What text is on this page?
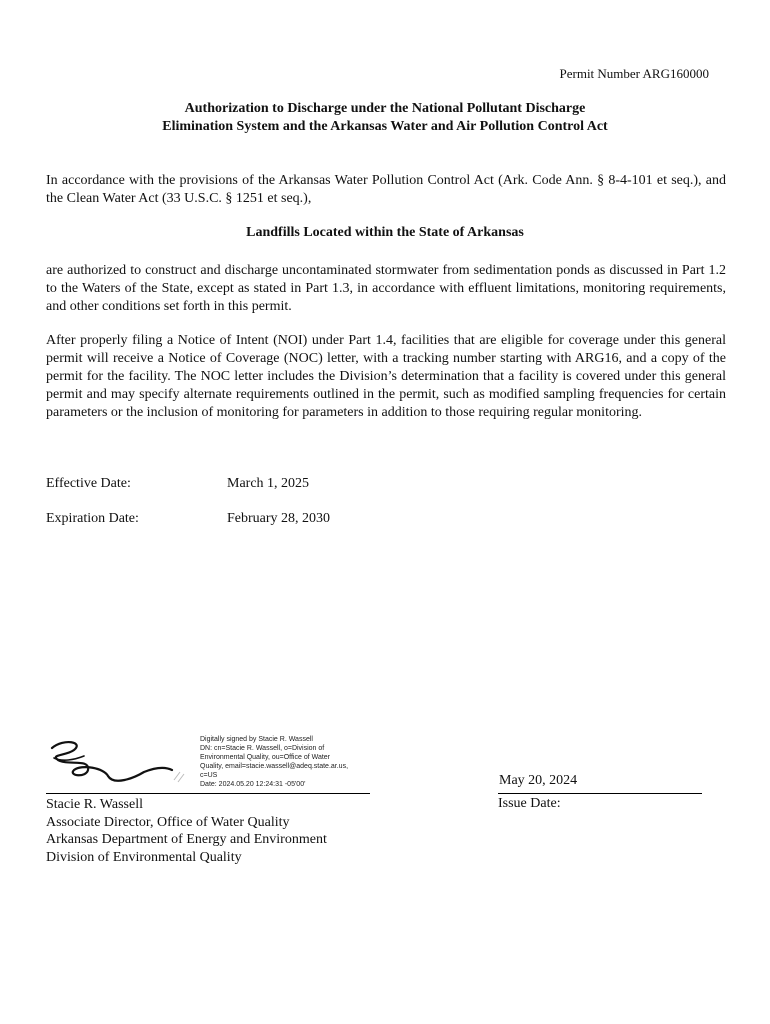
Permit Number ARG160000
Authorization to Discharge under the National Pollutant Discharge
Elimination System and the Arkansas Water and Air Pollution Control Act

In accordance with the provisions of the Arkansas Water Pollution Control Act (Ark. Code Ann. § 8-4-101 et seq.), and the Clean Water Act (33 U.S.C. § 1251 et seq.),

Landfills Located within the State of Arkansas

are authorized to construct and discharge uncontaminated stormwater from sedimentation ponds as discussed in Part 1.2 to the Waters of the State, except as stated in Part 1.3, in accordance with effluent limitations, monitoring requirements, and other conditions set forth in this permit.

After properly filing a Notice of Intent (NOI) under Part 1.4, facilities that are eligible for coverage under this general permit will receive a Notice of Coverage (NOC) letter, with a tracking number starting with ARG16, and a copy of the permit for the facility. The NOC letter includes the Division’s determination that a facility is covered under this general permit and may specify alternate requirements outlined in the permit, such as modified sampling frequencies for certain parameters or the inclusion of monitoring for parameters in addition to those requiring regular monitoring.

Effective Date:	March 1, 2025
Expiration Date:	February 28, 2030
Digitally signed by Stacie R. Wassell
DN: cn=Stacie R. Wassell, o=Division of
Environmental Quality, ou=Office of Water
Quality, email=stacie.wassell@adeq.state.ar.us,
c=US
Date: 2024.05.20 12:24:31 -05'00'	May 20, 2024
Issue Date:
Stacie R. Wassell
Associate Director, Office of Water Quality
Arkansas Department of Energy and Environment
Division of Environmental Quality
